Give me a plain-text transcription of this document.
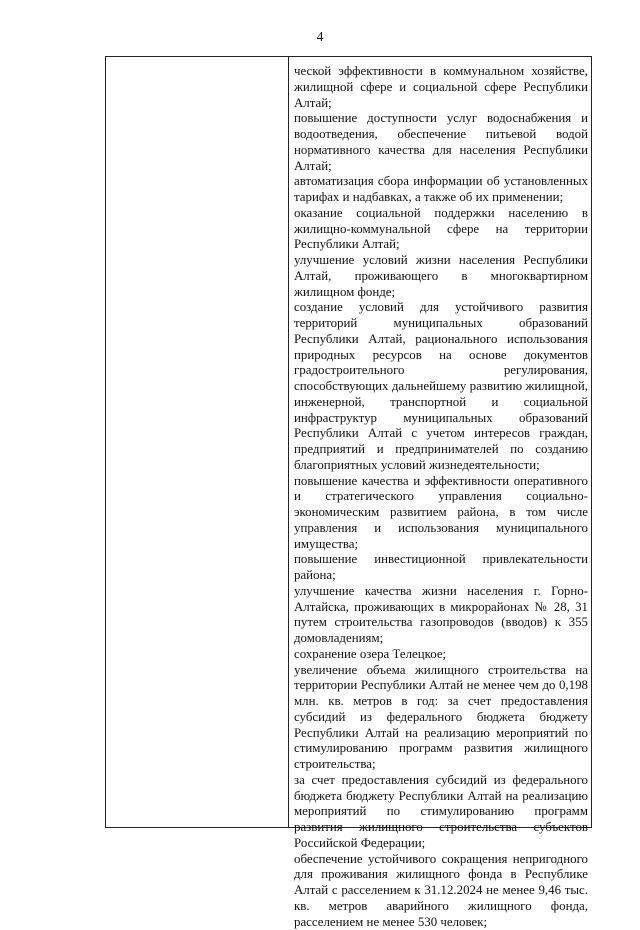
4

ческой эффективности в коммунальном хозяйстве, жилищной сфере и социальной сфере Республики Алтай;

повышение доступности услуг водоснабжения и водоотведения, обеспечение питьевой водой нормативного качества для населения Республики Алтай;

автоматизация сбора информации об установленных тарифах и надбавках, а также об их применении;

оказание социальной поддержки населению в жилищно-коммунальной сфере на территории Республики Алтай;

улучшение условий жизни населения Республики Алтай, проживающего в многоквартирном жилищном фонде;

создание условий для устойчивого развития территорий муниципальных образований Республики Алтай, рационального использования природных ресурсов на основе документов градостроительного регулирования, способствующих дальнейшему развитию жилищной, инженерной, транспортной и социальной инфраструктур муниципальных образований Республики Алтай с учетом интересов граждан, предприятий и предпринимателей по созданию благоприятных условий жизнедеятельности;

повышение качества и эффективности оперативного и стратегического управления социально-экономическим развитием района, в том числе управления и использования муниципального имущества;

повышение инвестиционной привлекательности района;

улучшение качества жизни населения г. Горно-Алтайска, проживающих в микрорайонах № 28, 31 путем строительства газопроводов (вводов) к 355 домовладениям;

сохранение озера Телецкое;

увеличение объема жилищного строительства на территории Республики Алтай не менее чем до 0,198 млн. кв. метров в год: за счет предоставления субсидий из федерального бюджета бюджету Республики Алтай на реализацию мероприятий по стимулированию программ развития жилищного строительства;

за счет предоставления субсидий из федерального бюджета бюджету Республики Алтай на реализацию мероприятий по стимулированию программ развития жилищного строительства субъектов Российской Федерации;

обеспечение устойчивого сокращения непригодного для проживания жилищного фонда в Республике Алтай с расселением к 31.12.2024 не менее 9,46 тыс. кв. метров аварийного жилищного фонда, расселением не менее 530 человек;
